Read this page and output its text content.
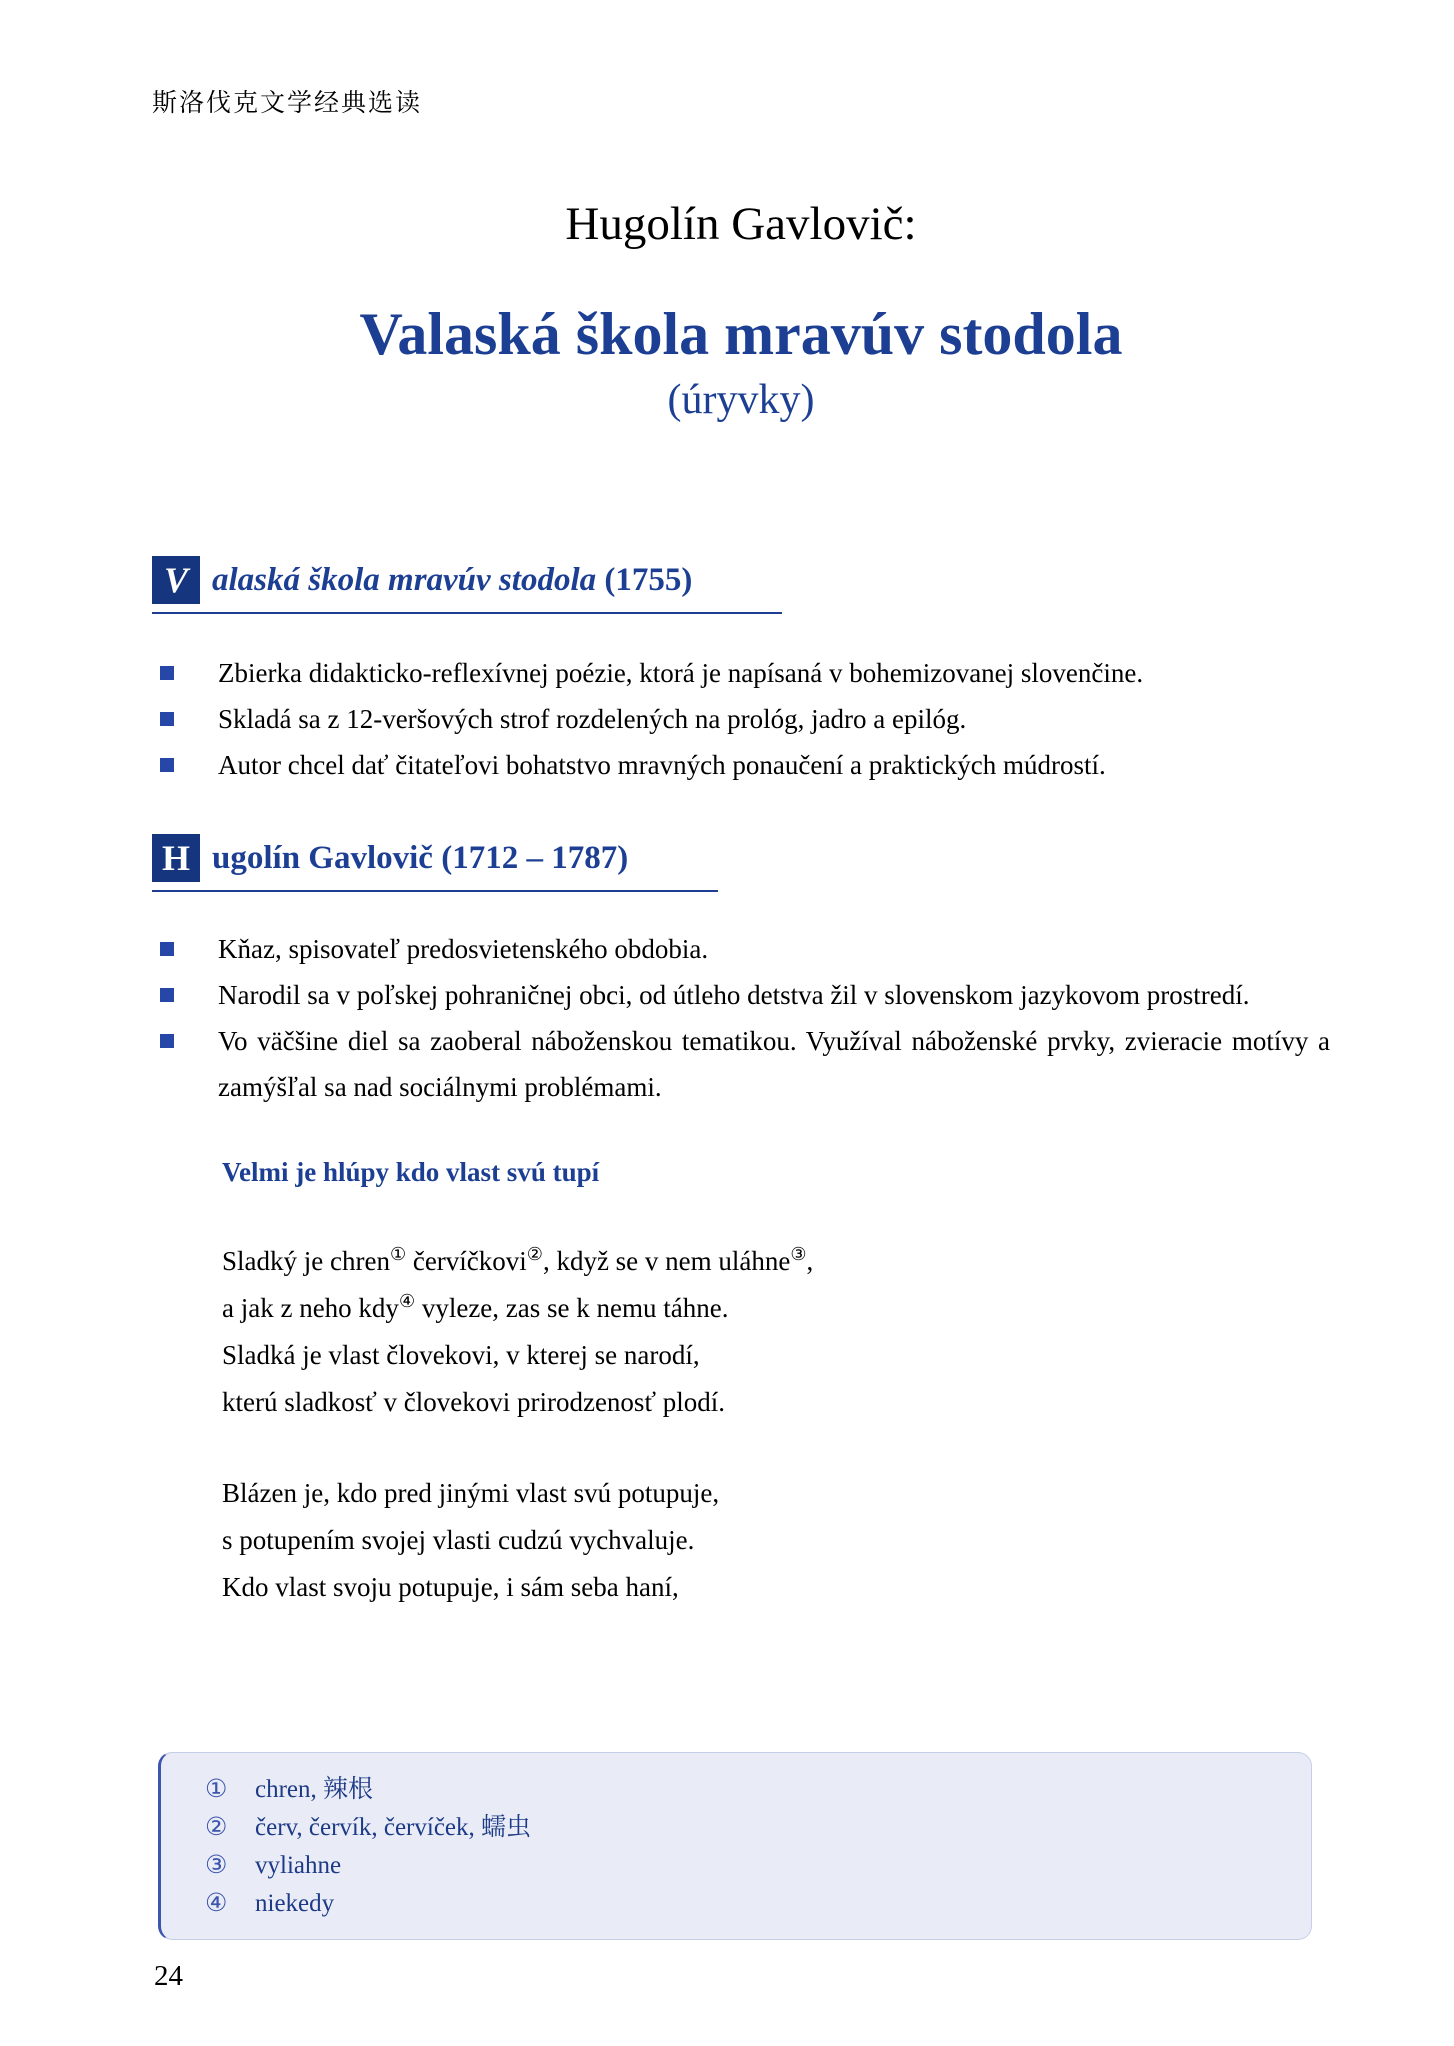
斯洛伐克文学经典选读
Hugolín Gavlovič:
Valaská škola mravúv stodola
(úryvky)
V alaská škola mravúv stodola (1755)
Zbierka didakticko-reflexívnej poézie, ktorá je napísaná v bohemizovanej slovenčine.
Skladá sa z 12-veršových strof rozdelených na prológ, jadro a epilóg.
Autor chcel dať čitateľovi bohatstvo mravných ponaučení a praktických múdrostí.
H ugolín Gavlovič (1712 – 1787)
Kňaz, spisovateľ predosvietenského obdobia.
Narodil sa v poľskej pohraničnej obci, od útleho detstva žil v slovenskom jazykovom prostredí.
Vo väčšine diel sa zaoberal náboženskou tematikou. Využíval náboženské prvky, zvieracie motívy a zamýšľal sa nad sociálnymi problémami.
Velmi je hlúpy kdo vlast svú tupí
Sladký je chren① červíčkovi②, když se v nem uláhne③,
a jak z neho kdy④ vyleze, zas se k nemu táhne.
Sladká je vlast človekovi, v kterej se narodí,
kterú sladkosť v človekovi prirodzenosť plodí.
Blázen je, kdo pred jinými vlast svú potupuje,
s potupením svojej vlasti cudzú vychvaluje.
Kdo vlast svoju potupuje, i sám seba haní,
①	chren, 辣根
②	červ, červík, červíček, 蠕虫
③	vyliahne
④	niekedy
24
